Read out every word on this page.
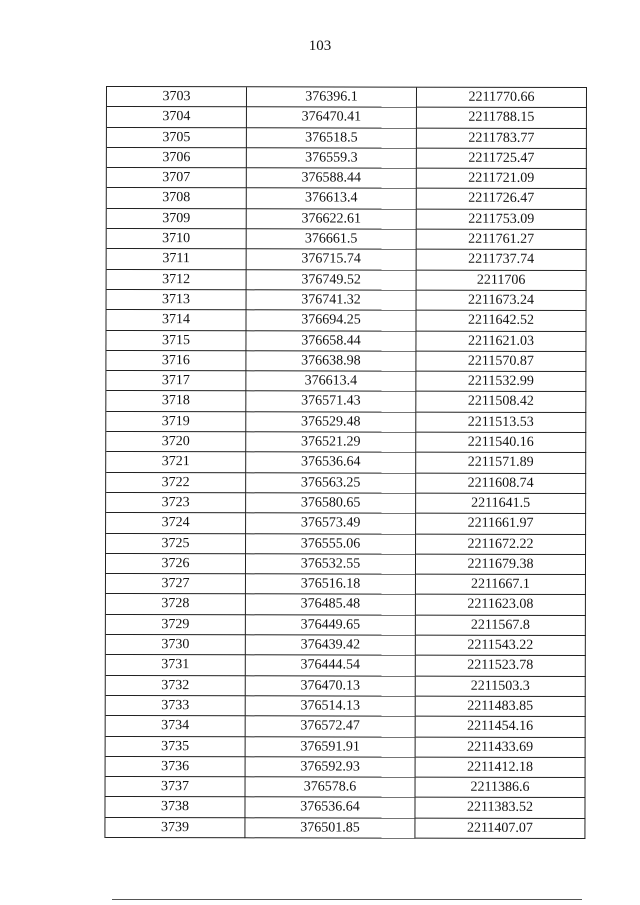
103
3703	376396.1	2211770.66
3704	376470.41	2211788.15
3705	376518.5	2211783.77
3706	376559.3	2211725.47
3707	376588.44	2211721.09
3708	376613.4	2211726.47
3709	376622.61	2211753.09
3710	376661.5	2211761.27
3711	376715.74	2211737.74
3712	376749.52	2211706
3713	376741.32	2211673.24
3714	376694.25	2211642.52
3715	376658.44	2211621.03
3716	376638.98	2211570.87
3717	376613.4	2211532.99
3718	376571.43	2211508.42
3719	376529.48	2211513.53
3720	376521.29	2211540.16
3721	376536.64	2211571.89
3722	376563.25	2211608.74
3723	376580.65	2211641.5
3724	376573.49	2211661.97
3725	376555.06	2211672.22
3726	376532.55	2211679.38
3727	376516.18	2211667.1
3728	376485.48	2211623.08
3729	376449.65	2211567.8
3730	376439.42	2211543.22
3731	376444.54	2211523.78
3732	376470.13	2211503.3
3733	376514.13	2211483.85
3734	376572.47	2211454.16
3735	376591.91	2211433.69
3736	376592.93	2211412.18
3737	376578.6	2211386.6
3738	376536.64	2211383.52
3739	376501.85	2211407.07
